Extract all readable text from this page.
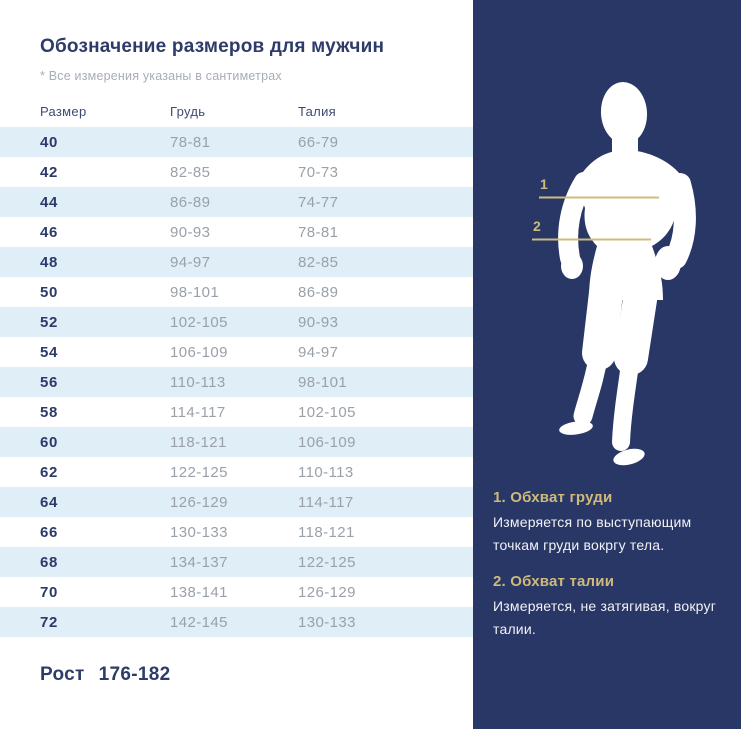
Обозначение размеров для мужчин
* Все измерения указаны в сантиметрах
Размер	Грудь	Талия
40	78-81	66-79
42	82-85	70-73
44	86-89	74-77
46	90-93	78-81
48	94-97	82-85
50	98-101	86-89
52	102-105	90-93
54	106-109	94-97
56	110-113	98-101
58	114-117	102-105
60	118-121	106-109
62	122-125	110-113
64	126-129	114-117
66	130-133	118-121
68	134-137	122-125
70	138-141	126-129
72	142-145	130-133
Рост 176-182
1
2
1. Обхват груди
Измеряется по выступающим точкам груди вокргу тела.
2. Обхват талии
Измеряется, не затягивая, вокруг талии.
